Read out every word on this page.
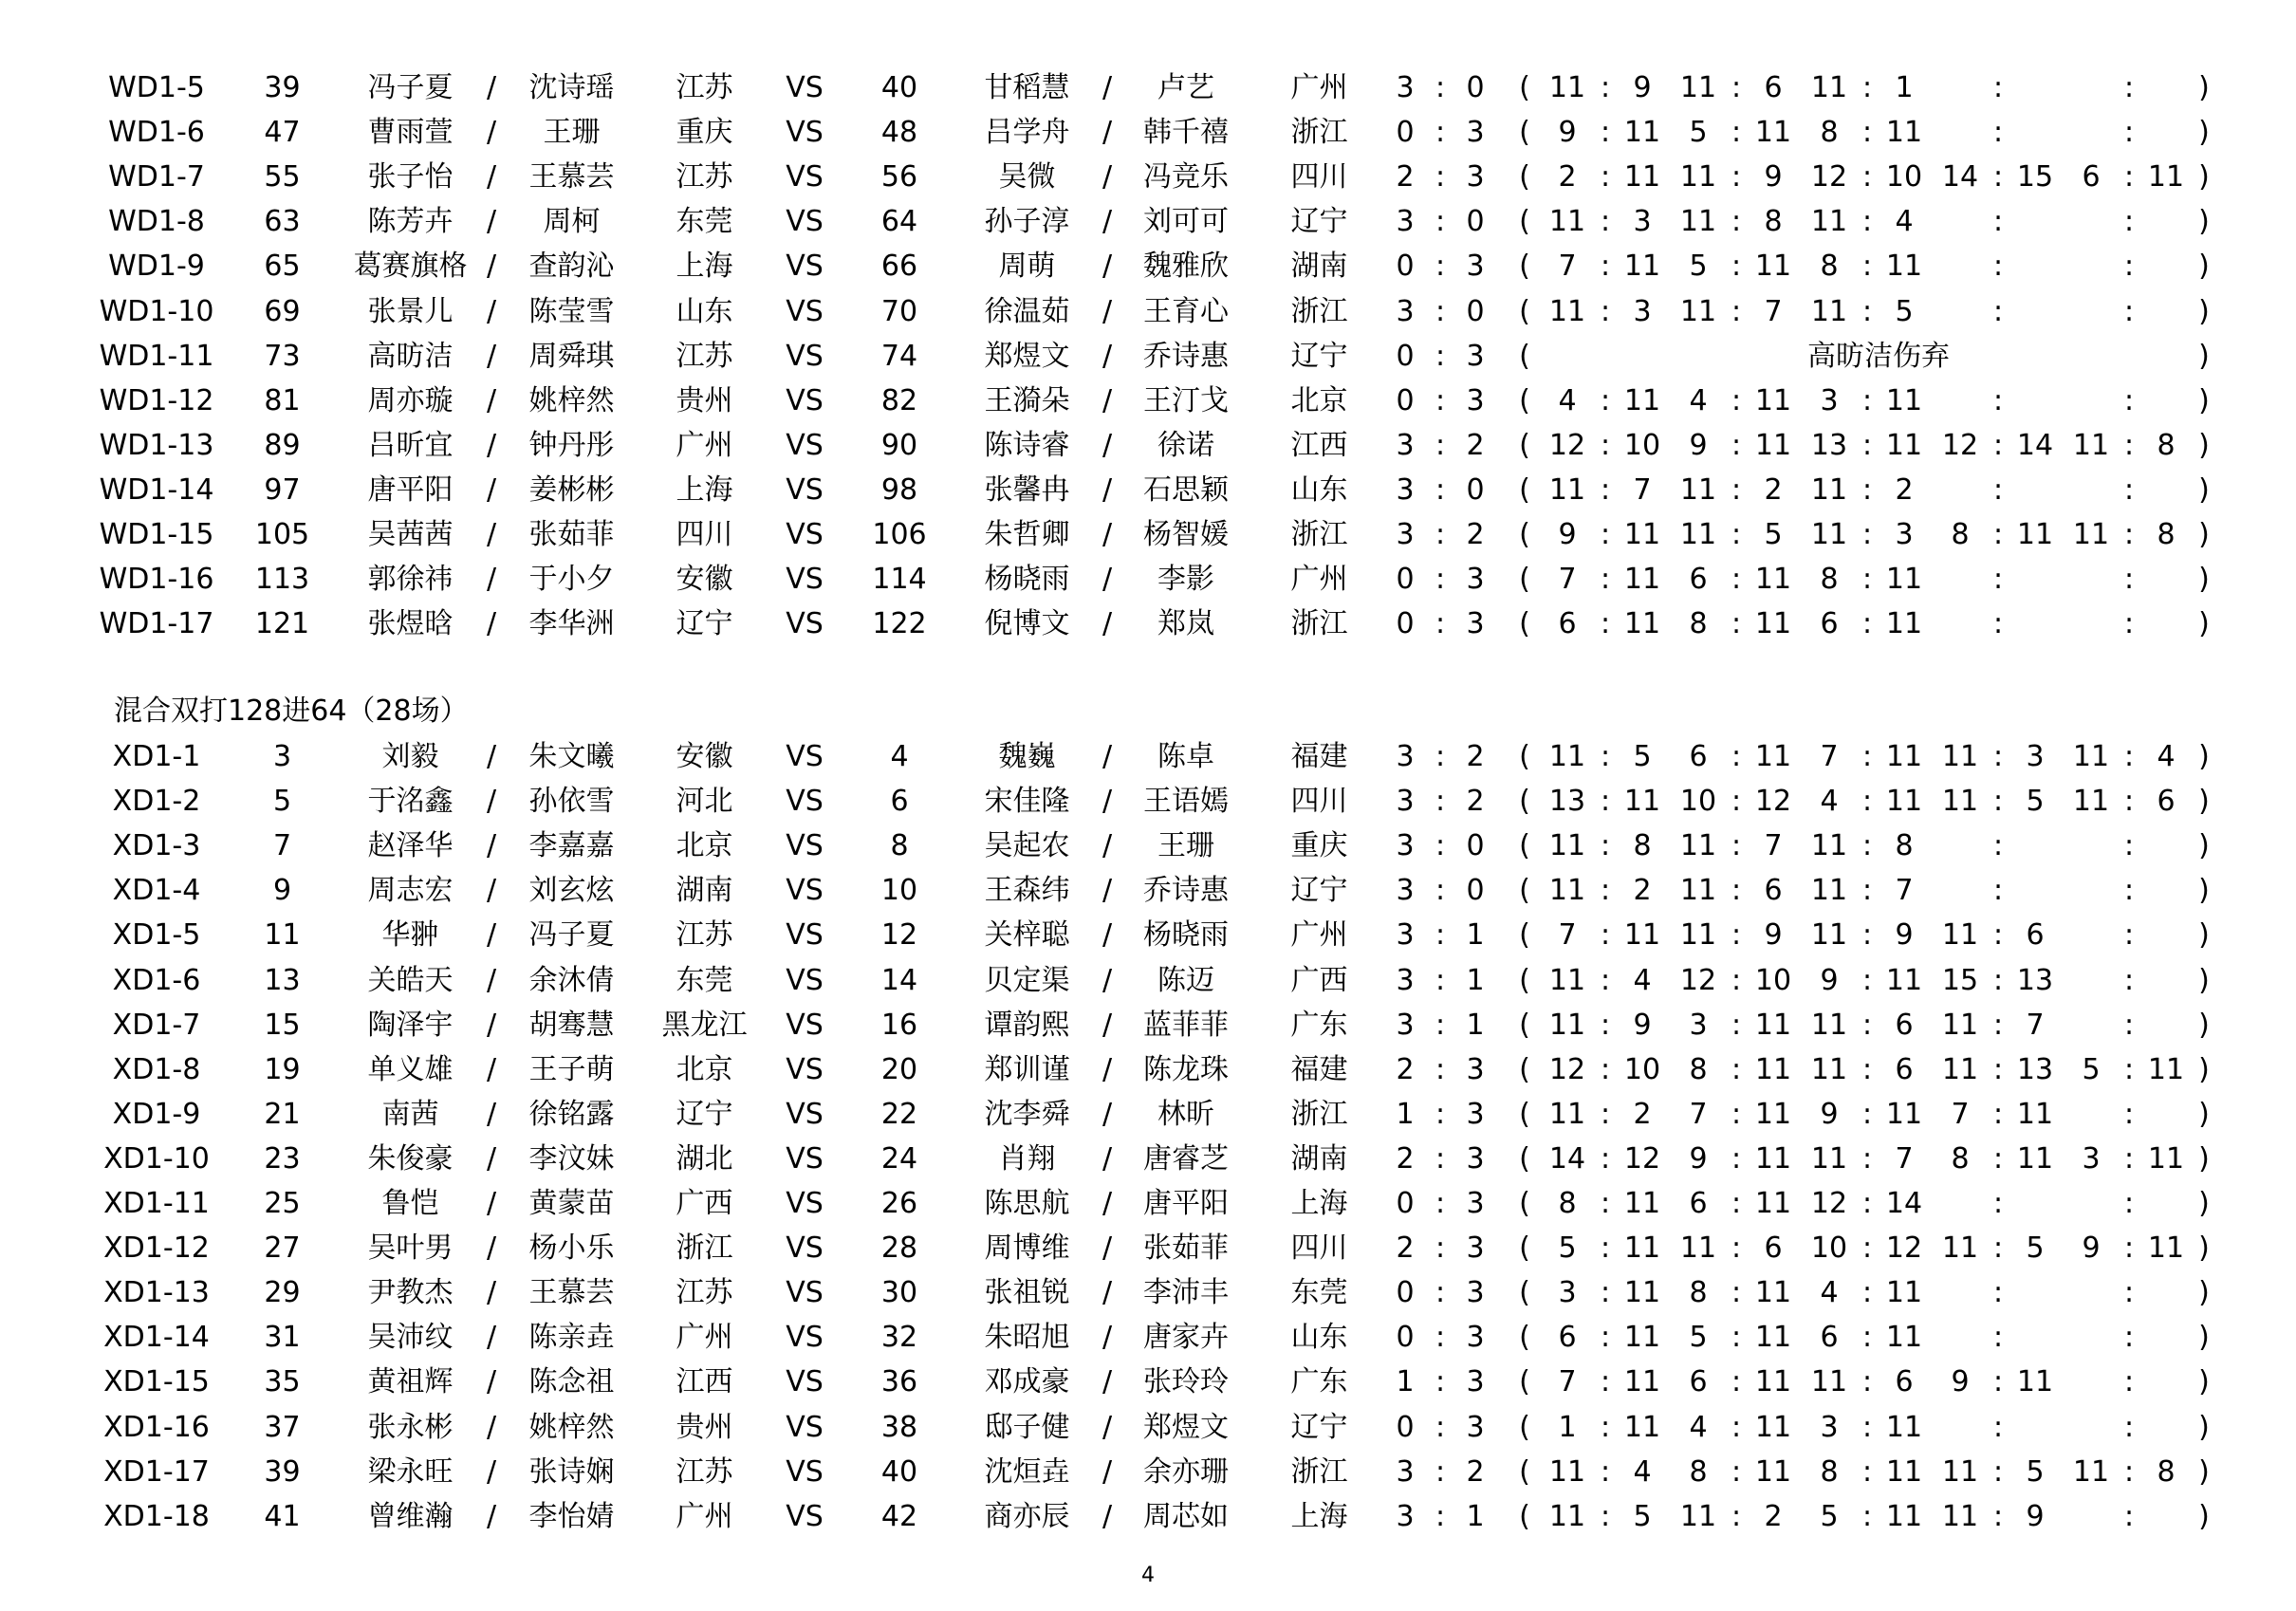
WD1-5	39	冯子夏	/	沈诗瑶	江苏	VS	40	甘稻慧	/	卢艺	广州	3 : 0	( 11 : 9	11 : 6	11 : 1	:	:	)
WD1-6	47	曹雨萱	/	王珊	重庆	VS	48	吕学舟	/	韩千禧	浙江	0 : 3	( 9 : 11	5 : 11	8 : 11	:	:	)
WD1-7	55	张子怡	/	王慕芸	江苏	VS	56	吴微	/	冯竞乐	四川	2 : 3	( 2 : 11 11 : 9	12 : 10 14 : 15	6 : 11 )
WD1-8	63	陈芳卉	/	周柯	东莞	VS	64	孙子淳	/	刘可可	辽宁	3 : 0	( 11 : 3	11 : 8	11 : 4	:	:	)
WD1-9	65	葛赛旗格 /	查韵沁	上海	VS	66	周萌	/	魏雅欣	湖南	0 : 3	( 7 : 11	5 : 11	8 : 11	:	:	)
WD1-10	69	张景儿	/	陈莹雪	山东	VS	70	徐温茹	/	王育心	浙江	3 : 0	( 11 : 3	11 : 7	11 : 5	:	:	)
WD1-11	73	高昉洁	/	周舜琪	江苏	VS	74	郑煜文	/	乔诗惠	辽宁	0 : 3	(	高昉洁伤弃	)
WD1-12	81	周亦璇	/	姚梓然	贵州	VS	82	王漪朵	/	王汀戈	北京	0 : 3	( 4 : 11	4 : 11	3 : 11	:	:	)
WD1-13	89	吕昕宜	/	钟丹彤	广州	VS	90	陈诗睿	/	徐诺	江西	3 : 2	( 12 : 10	9 : 11 13 : 11 12 : 14 11 : 8 )
WD1-14	97	唐平阳	/	姜彬彬	上海	VS	98	张馨冉	/	石思颖	山东	3 : 0	( 11 : 7	11 : 2	11 : 2	:	:	)
WD1-15	105	吴茜茜	/	张茹菲	四川	VS	106	朱哲卿	/	杨智媛	浙江	3 : 2	( 9 : 11 11 : 5	11 : 3	8 : 11 11 : 8 )
WD1-16	113	郭徐祎	/	于小夕	安徽	VS	114	杨晓雨	/	李影	广州	0 : 3	( 7 : 11	6 : 11	8 : 11	:	:	)
WD1-17	121	张煜晗	/	李华洲	辽宁	VS	122	倪博文	/	郑岚	浙江	0 : 3	( 6 : 11	8 : 11	6 : 11	:	:	)
混合双打128进64（28场）
XD1-1	3	刘毅	/	朱文曦	安徽	VS	4	魏巍	/	陈卓	福建	3 : 2	( 11 : 5	6 : 11	7 : 11 11 : 3	11 : 4 )
XD1-2	5	于洺鑫	/	孙依雪	河北	VS	6	宋佳隆	/	王语嫣	四川	3 : 2	( 13 : 11 10 : 12	4 : 11 11 : 5	11 : 6 )
XD1-3	7	赵泽华	/	李嘉嘉	北京	VS	8	吴起农	/	王珊	重庆	3 : 0	( 11 : 8	11 : 7	11 : 8	:	:	)
XD1-4	9	周志宏	/	刘玄炫	湖南	VS	10	王森纬	/	乔诗惠	辽宁	3 : 0	( 11 : 2	11 : 6	11 : 7	:	:	)
XD1-5	11	华翀	/	冯子夏	江苏	VS	12	关梓聪	/	杨晓雨	广州	3 : 1	( 7 : 11 11 : 9	11 : 9	11 : 6	:	)
XD1-6	13	关皓天	/	余沐倩	东莞	VS	14	贝定渠	/	陈迈	广西	3 : 1	( 11 : 4	12 : 10	9 : 11 15 : 13	:	)
XD1-7	15	陶泽宇	/	胡骞慧	黑龙江	VS	16	谭韵熙	/	蓝菲菲	广东	3 : 1	( 11 : 9	3 : 11 11 : 6	11 : 7	:	)
XD1-8	19	单义雄	/	王子萌	北京	VS	20	郑训谨	/	陈龙珠	福建	2 : 3	( 12 : 10	8 : 11 11 : 6	11 : 13	5 : 11 )
XD1-9	21	南茜	/	徐铭露	辽宁	VS	22	沈李舜	/	林昕	浙江	1 : 3	( 11 : 2	7 : 11	9 : 11	7 : 11	:	)
XD1-10	23	朱俊豪	/	李汶妹	湖北	VS	24	肖翔	/	唐睿芝	湖南	2 : 3	( 14 : 12	9 : 11 11 : 7	8 : 11	3 : 11 )
XD1-11	25	鲁恺	/	黄蒙苗	广西	VS	26	陈思航	/	唐平阳	上海	0 : 3	( 8 : 11	6 : 11 12 : 14	:	:	)
XD1-12	27	吴叶男	/	杨小乐	浙江	VS	28	周博维	/	张茹菲	四川	2 : 3	( 5 : 11 11 : 6	10 : 12 11 : 5	9 : 11 )
XD1-13	29	尹教杰	/	王慕芸	江苏	VS	30	张祖锐	/	李沛丰	东莞	0 : 3	( 3 : 11	8 : 11	4 : 11	:	:	)
XD1-14	31	吴沛纹	/	陈亲垚	广州	VS	32	朱昭旭	/	唐家卉	山东	0 : 3	( 6 : 11	5 : 11	6 : 11	:	:	)
XD1-15	35	黄祖辉	/	陈念祖	江西	VS	36	邓成豪	/	张玲玲	广东	1 : 3	( 7 : 11	6 : 11 11 : 6	9 : 11	:	)
XD1-16	37	张永彬	/	姚梓然	贵州	VS	38	邸子健	/	郑煜文	辽宁	0 : 3	( 1 : 11	4 : 11	3 : 11	:	:	)
XD1-17	39	梁永旺	/	张诗娴	江苏	VS	40	沈烜垚	/	余亦珊	浙江	3 : 2	( 11 : 4	8 : 11	8 : 11 11 : 5	11 : 8 )
XD1-18	41	曾维瀚	/	李怡婧	广州	VS	42	商亦辰	/	周芯如	上海	3 : 1	( 11 : 5	11 : 2	5 : 11 11 : 9	:	)
4
